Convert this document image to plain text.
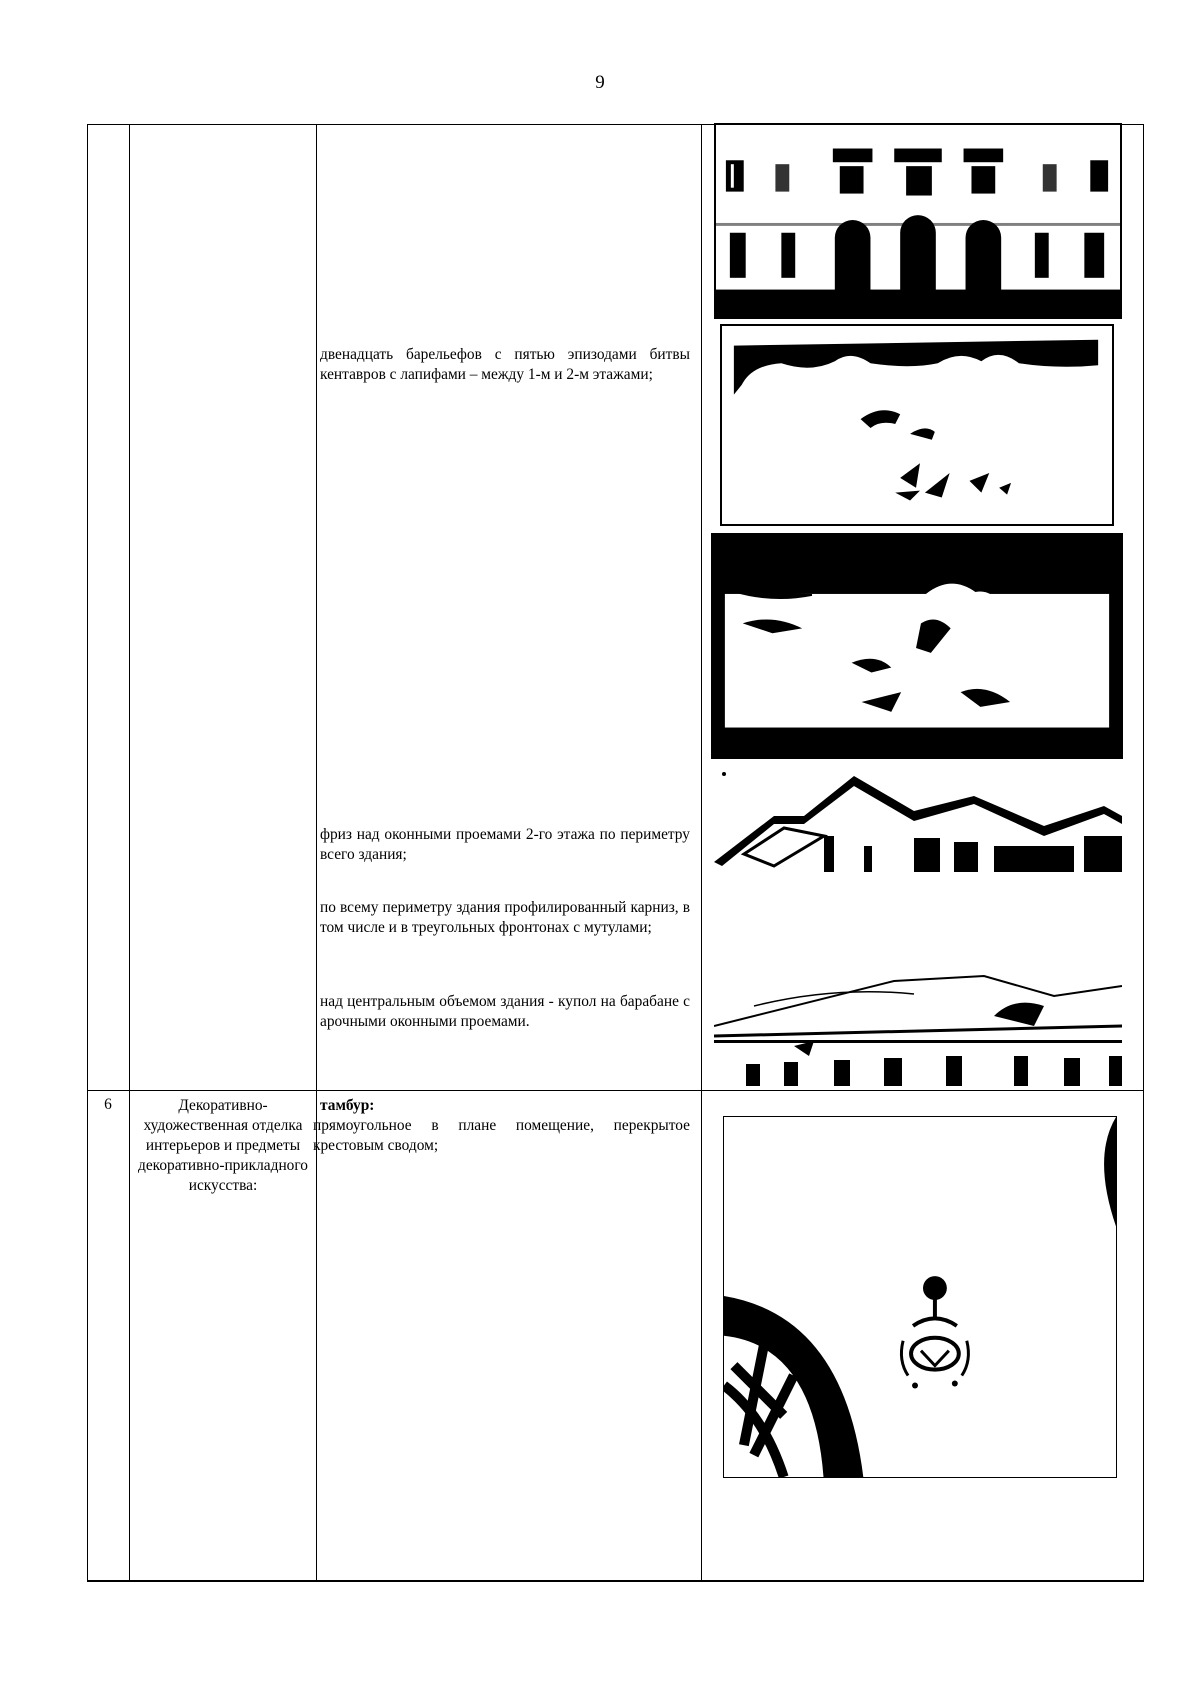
9
двенадцать барельефов с пятью эпизодами битвы кентавров с лапифами – между 1-м и 2-м этажами;
фриз над оконными проемами 2-го этажа по периметру всего здания;
по всему периметру здания профилированный карниз, в том числе и в треугольных фронтонах с мутулами;
над центральным объемом здания - купол на барабане с арочными оконными проемами.
6	Декоративно-художественная отделка интерьеров и предметы декоративно-прикладного искусства:
тамбур:
прямоугольное в плане помещение, перекрытое крестовым сводом;
